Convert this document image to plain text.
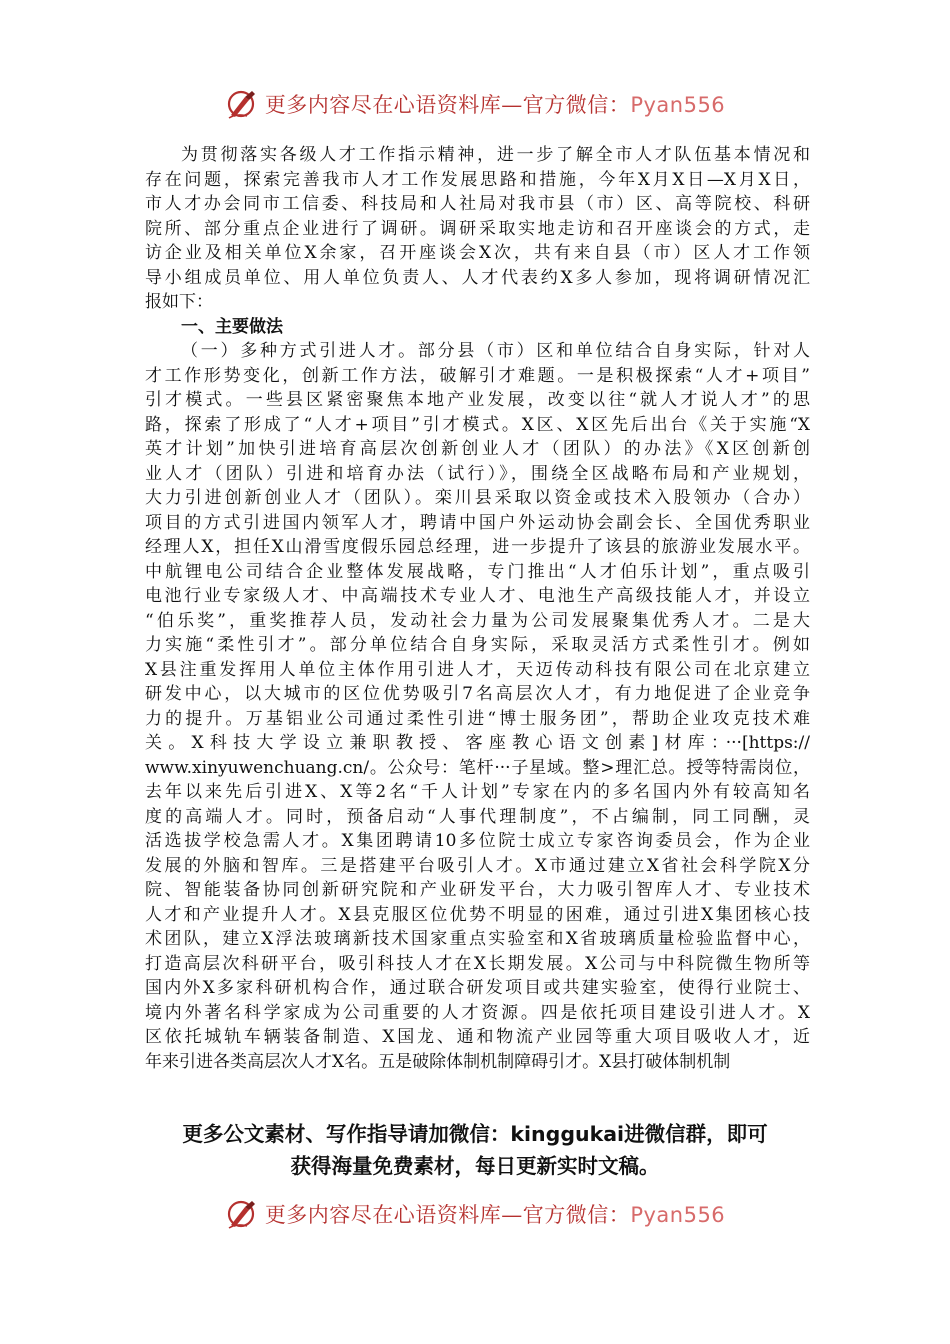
更多内容尽在心语资料库—官方微信：Pyan556

为贯彻落实各级人才工作指示精神，进一步了解全市人才队伍基本情况和

存在问题，探索完善我市人才工作发展思路和措施，今年X月X日—X月X日，

市人才办会同市工信委、科技局和人社局对我市县（市）区、高等院校、科研

院所、部分重点企业进行了调研。调研采取实地走访和召开座谈会的方式，走

访企业及相关单位X余家，召开座谈会X次，共有来自县（市）区人才工作领

导小组成员单位、用人单位负责人、人才代表约X多人参加，现将调研情况汇

报如下：

一、主要做法

（一）多种方式引进人才。部分县（市）区和单位结合自身实际，针对人

才工作形势变化，创新工作方法，破解引才难题。一是积极探索“人才+项目”

引才模式。一些县区紧密聚焦本地产业发展，改变以往“就人才说人才”的思

路，探索了形成了“人才+项目”引才模式。X区、X区先后出台《关于实施“X

英才计划”加快引进培育高层次创新创业人才（团队）的办法》《X区创新创

业人才（团队）引进和培育办法（试行）》，围绕全区战略布局和产业规划，

大力引进创新创业人才（团队）。栾川县采取以资金或技术入股领办（合办）

项目的方式引进国内领军人才，聘请中国户外运动协会副会长、全国优秀职业

经理人X，担任X山滑雪度假乐园总经理，进一步提升了该县的旅游业发展水平。

中航锂电公司结合企业整体发展战略，专门推出“人才伯乐计划”，重点吸引

电池行业专家级人才、中高端技术专业人才、电池生产高级技能人才，并设立

“伯乐奖”，重奖推荐人员，发动社会力量为公司发展聚集优秀人才。二是大

力实施“柔性引才”。部分单位结合自身实际，采取灵活方式柔性引才。例如

X县注重发挥用人单位主体作用引进人才，天迈传动科技有限公司在北京建立

研发中心，以大城市的区位优势吸引7名高层次人才，有力地促进了企业竞争

力的提升。万基铝业公司通过柔性引进“博士服务团”，帮助企业攻克技术难

关。X科技大学设立兼职教授、客座教心语文创素]材库：···[https://

www.xinyuwenchuang.cn/。公众号：笔杆···子星域。整>理汇总。授等特需岗位，

去年以来先后引进X、X等2名“千人计划”专家在内的多名国内外有较高知名

度的高端人才。同时，预备启动“人事代理制度”，不占编制，同工同酬，灵

活选拔学校急需人才。X集团聘请10多位院士成立专家咨询委员会，作为企业

发展的外脑和智库。三是搭建平台吸引人才。X市通过建立X省社会科学院X分

院、智能装备协同创新研究院和产业研发平台，大力吸引智库人才、专业技术

人才和产业提升人才。X县克服区位优势不明显的困难，通过引进X集团核心技

术团队，建立X浮法玻璃新技术国家重点实验室和X省玻璃质量检验监督中心，

打造高层次科研平台，吸引科技人才在X长期发展。X公司与中科院微生物所等

国内外X多家科研机构合作，通过联合研发项目或共建实验室，使得行业院士、

境内外著名科学家成为公司重要的人才资源。四是依托项目建设引进人才。X

区依托城轨车辆装备制造、X国龙、通和物流产业园等重大项目吸收人才，近

年来引进各类高层次人才X名。五是破除体制机制障碍引才。X县打破体制机制

更多公文素材、写作指导请加微信：kinggukai进微信群，即可
获得海量免费素材，每日更新实时文稿。
更多内容尽在心语资料库—官方微信：Pyan556
